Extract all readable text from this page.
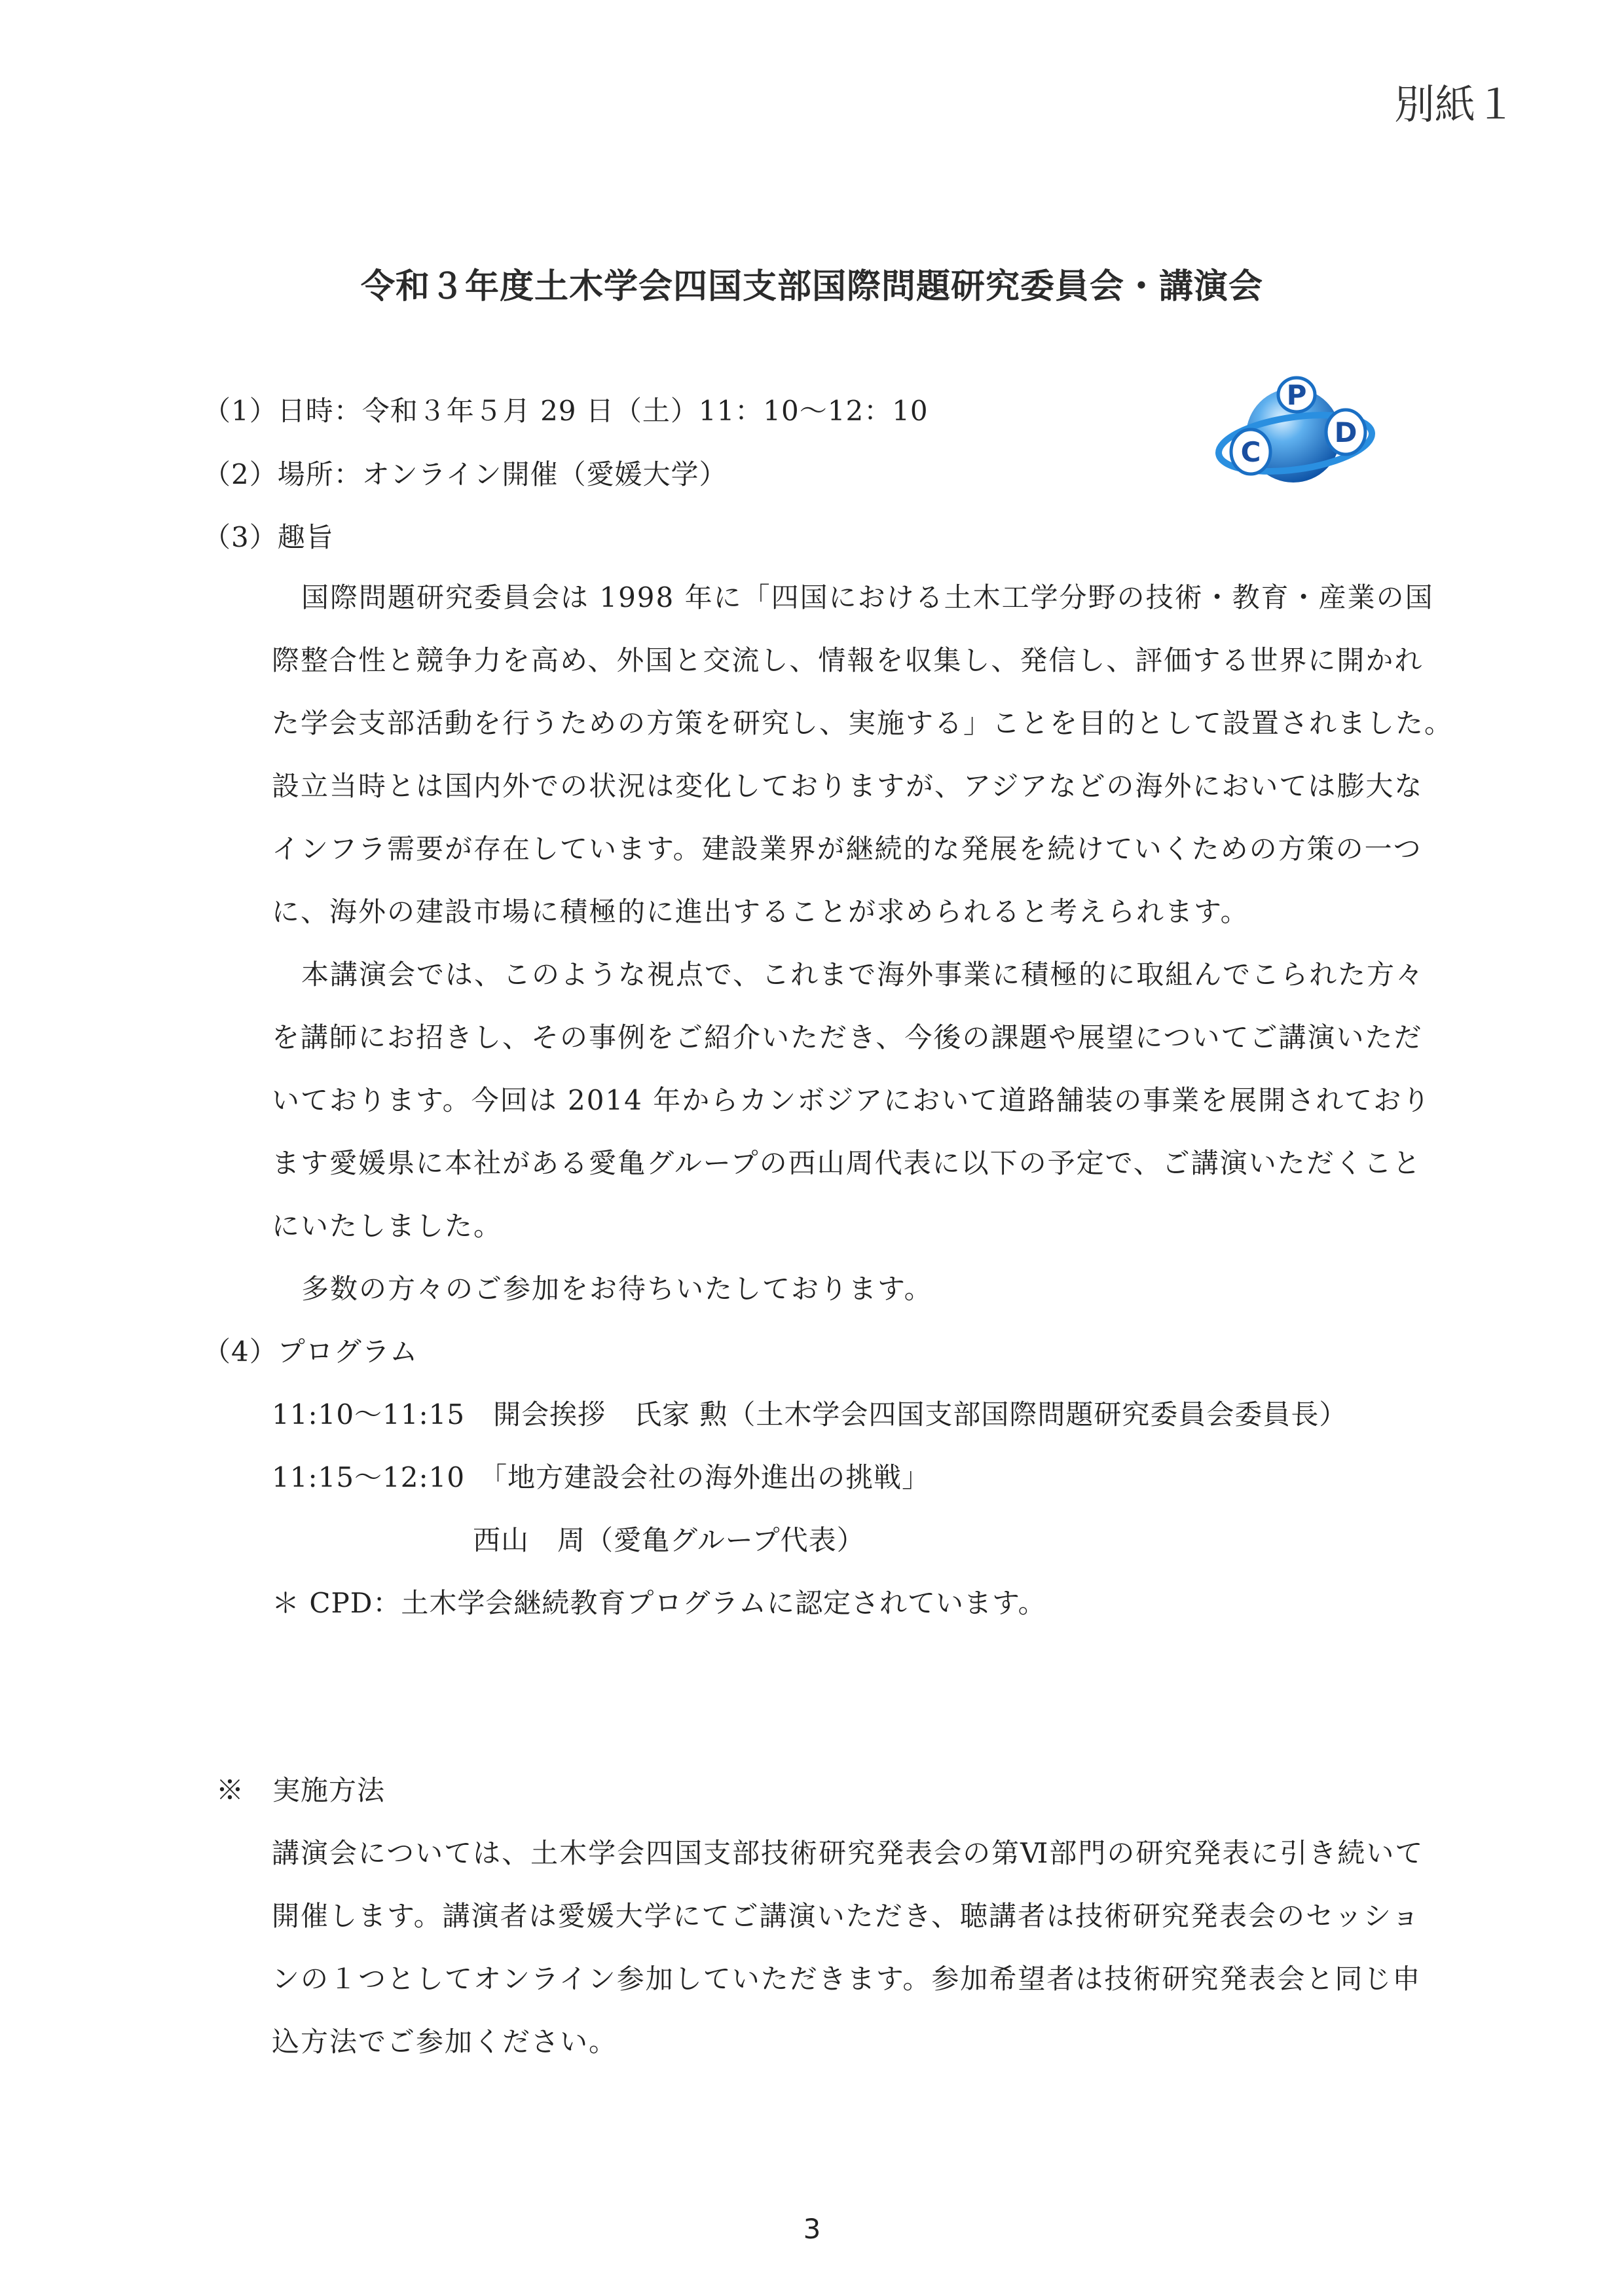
別紙１
令和３年度土木学会四国支部国際問題研究委員会・講演会
（1）日時：令和３年５月 29 日（土）11：10〜12：10
（2）場所：オンライン開催（愛媛大学）
（3）趣旨
C
P
D
国際問題研究委員会は 1998 年に「四国における土木工学分野の技術・教育・産業の国
際整合性と競争力を高め、外国と交流し、情報を収集し、発信し、評価する世界に開かれ
た学会支部活動を行うための方策を研究し、実施する」ことを目的として設置されました。
設立当時とは国内外での状況は変化しておりますが、アジアなどの海外においては膨大な
インフラ需要が存在しています。建設業界が継続的な発展を続けていくための方策の一つ
に、海外の建設市場に積極的に進出することが求められると考えられます。
本講演会では、このような視点で、これまで海外事業に積極的に取組んでこられた方々
を講師にお招きし、その事例をご紹介いただき、今後の課題や展望についてご講演いただ
いております。今回は 2014 年からカンボジアにおいて道路舗装の事業を展開されており
ます愛媛県に本社がある愛亀グループの西山周代表に以下の予定で、ご講演いただくこと
にいたしました。
多数の方々のご参加をお待ちいたしております。
（4）プログラム
11:10〜11:15　開会挨拶　氏家 勲（土木学会四国支部国際問題研究委員会委員長）
11:15〜12:10　「地方建設会社の海外進出の挑戦」
西山　周（愛亀グループ代表）
＊ CPD：土木学会継続教育プログラムに認定されています。
※　実施方法
講演会については、土木学会四国支部技術研究発表会の第Ⅵ部門の研究発表に引き続いて
開催します。講演者は愛媛大学にてご講演いただき、聴講者は技術研究発表会のセッショ
ンの１つとしてオンライン参加していただきます。参加希望者は技術研究発表会と同じ申
込方法でご参加ください。
3
